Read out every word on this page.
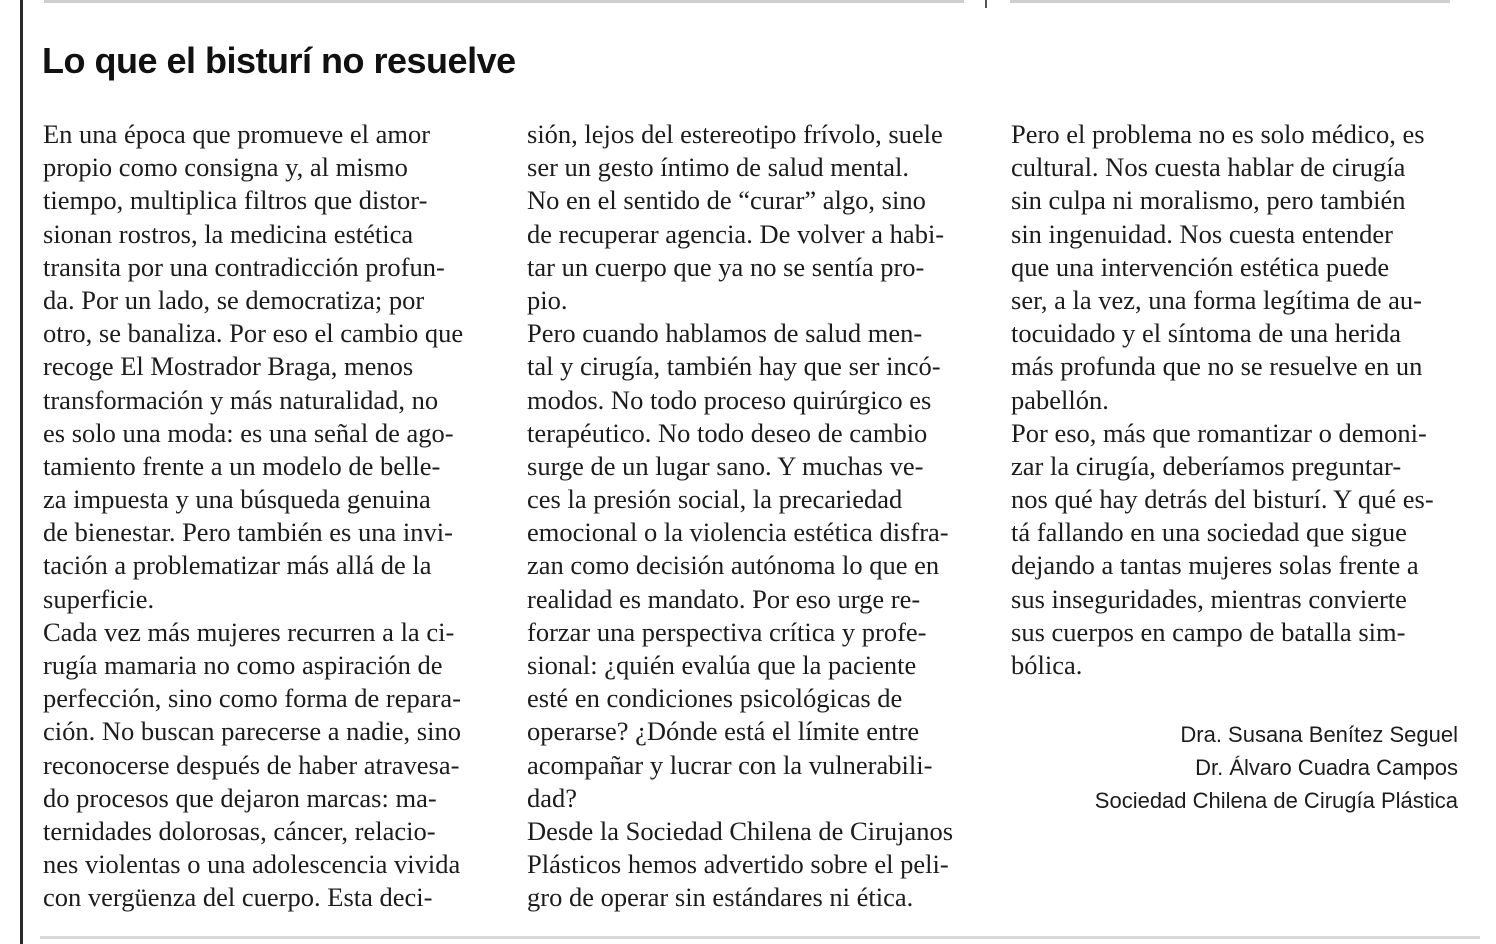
Lo que el bisturí no resuelve
En una época que promueve el amor
propio como consigna y, al mismo
tiempo, multiplica filtros que distor-
sionan rostros, la medicina estética
transita por una contradicción profun-
da. Por un lado, se democratiza; por
otro, se banaliza. Por eso el cambio que
recoge El Mostrador Braga, menos
transformación y más naturalidad, no
es solo una moda: es una señal de ago-
tamiento frente a un modelo de belle-
za impuesta y una búsqueda genuina
de bienestar. Pero también es una invi-
tación a problematizar más allá de la
superficie.
Cada vez más mujeres recurren a la ci-
rugía mamaria no como aspiración de
perfección, sino como forma de repara-
ción. No buscan parecerse a nadie, sino
reconocerse después de haber atravesa-
do procesos que dejaron marcas: ma-
ternidades dolorosas, cáncer, relacio-
nes violentas o una adolescencia vivida
con vergüenza del cuerpo. Esta deci-
sión, lejos del estereotipo frívolo, suele
ser un gesto íntimo de salud mental.
No en el sentido de “curar” algo, sino
de recuperar agencia. De volver a habi-
tar un cuerpo que ya no se sentía pro-
pio.
Pero cuando hablamos de salud men-
tal y cirugía, también hay que ser incó-
modos. No todo proceso quirúrgico es
terapéutico. No todo deseo de cambio
surge de un lugar sano. Y muchas ve-
ces la presión social, la precariedad
emocional o la violencia estética disfra-
zan como decisión autónoma lo que en
realidad es mandato. Por eso urge re-
forzar una perspectiva crítica y profe-
sional: ¿quién evalúa que la paciente
esté en condiciones psicológicas de
operarse? ¿Dónde está el límite entre
acompañar y lucrar con la vulnerabili-
dad?
Desde la Sociedad Chilena de Cirujanos
Plásticos hemos advertido sobre el peli-
gro de operar sin estándares ni ética.
Pero el problema no es solo médico, es
cultural. Nos cuesta hablar de cirugía
sin culpa ni moralismo, pero también
sin ingenuidad. Nos cuesta entender
que una intervención estética puede
ser, a la vez, una forma legítima de au-
tocuidado y el síntoma de una herida
más profunda que no se resuelve en un
pabellón.
Por eso, más que romantizar o demoni-
zar la cirugía, deberíamos preguntar-
nos qué hay detrás del bisturí. Y qué es-
tá fallando en una sociedad que sigue
dejando a tantas mujeres solas frente a
sus inseguridades, mientras convierte
sus cuerpos en campo de batalla sim-
bólica.
Dra. Susana Benítez Seguel
Dr. Álvaro Cuadra Campos
Sociedad Chilena de Cirugía Plástica
